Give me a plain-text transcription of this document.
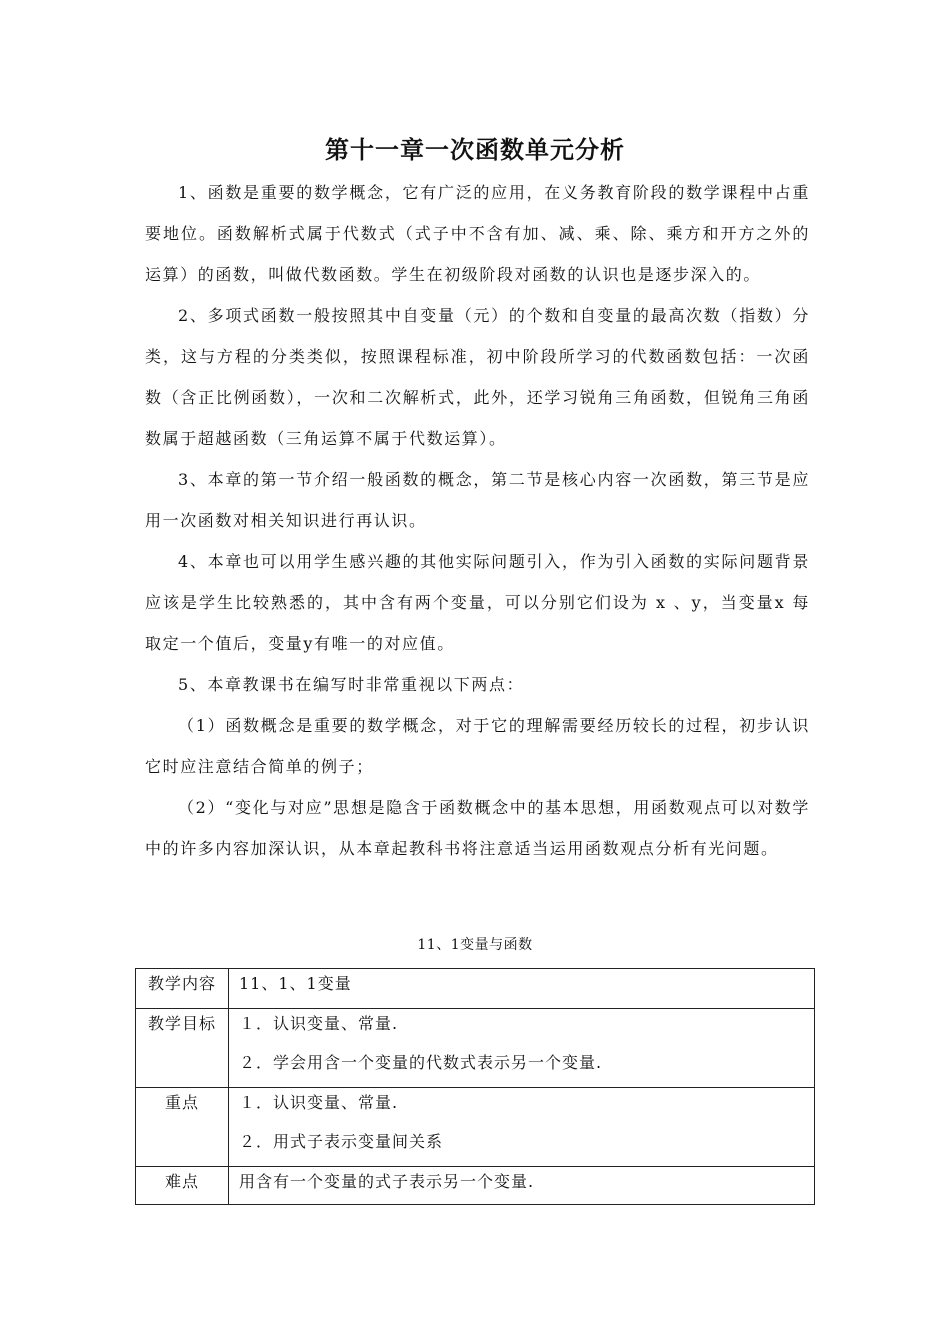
第十一章一次函数单元分析

1、函数是重要的数学概念，它有广泛的应用，在义务教育阶段的数学课程中占重要地位。函数解析式属于代数式（式子中不含有加、减、乘、除、乘方和开方之外的运算）的函数，叫做代数函数。学生在初级阶段对函数的认识也是逐步深入的。

2、多项式函数一般按照其中自变量（元）的个数和自变量的最高次数（指数）分类，这与方程的分类类似，按照课程标准，初中阶段所学习的代数函数包括：一次函数（含正比例函数），一次和二次解析式，此外，还学习锐角三角函数，但锐角三角函数属于超越函数（三角运算不属于代数运算）。

3、本章的第一节介绍一般函数的概念，第二节是核心内容一次函数，第三节是应用一次函数对相关知识进行再认识。

4、本章也可以用学生感兴趣的其他实际问题引入，作为引入函数的实际问题背景应该是学生比较熟悉的，其中含有两个变量，可以分别它们设为 x 、y，当变量x 每取定一个值后，变量y有唯一的对应值。

5、本章教课书在编写时非常重视以下两点：

（1）函数概念是重要的数学概念，对于它的理解需要经历较长的过程，初步认识它时应注意结合简单的例子；

（2）“变化与对应”思想是隐含于函数概念中的基本思想，用函数观点可以对数学中的许多内容加深认识，从本章起教科书将注意适当运用函数观点分析有光问题。

11、1变量与函数
教学内容	11、1、1变量

教学目标	１．认识变量、常量.
２．学会用含一个变量的代数式表示另一个变量.

重点	１．认识变量、常量.
２．用式子表示变量间关系

难点	用含有一个变量的式子表示另一个变量.
